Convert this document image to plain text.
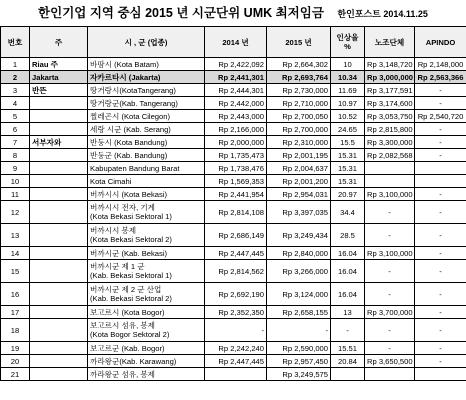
한인기업 지역 중심 2015 년 시군단위 UMK 최저임금 한인포스트 2014.11.25
번호	주	시 , 군 (업종)	2014 년	2015 년	인상율 %	노조단체	APINDO
1	Riau 주	바땀시 (Kota Batam)	Rp 2,422,092	Rp 2,664,302	10	Rp 3,148,720	Rp 2,148,000
2	Jakarta	자카르타시 (Jakarta)	Rp 2,441,301	Rp 2,693,764	10.34	Rp 3,000,000	Rp 2,563,366
3	반뜬	땅거랑시(KotaTangerang)	Rp 2,444,301	Rp 2,730,000	11.69	Rp 3,177,591	-
4		땅거랑군(Kab. Tangerang)	Rp 2,442,000	Rp 2,710,000	10.97	Rp 3,174,600	-
5		찔레곤시 (Kota Cilegon)	Rp 2,443,000	Rp 2,700,050	10.52	Rp 3,053,750	Rp 2,540,720
6		세랑 시군 (Kab. Serang)	Rp 2,166,000	Rp 2,700,000	24.65	Rp 2,815,800	-
7	서부자와	반둥시 (Kota Bandung)	Rp 2,000,000	Rp 2,310,000	15.5	Rp 3,300,000	-
8		반둥군 (Kab. Bandung)	Rp 1,735,473	Rp 2,001,195	15.31	Rp 2,082,568	-
9		Kabupaten Bandung Barat	Rp 1,738,476	Rp 2,004,637	15.31		
10		Kota Cimahi	Rp 1,569,353	Rp 2,001,200	15.31		
11		버까시시 (Kota Bekasi)	Rp 2,441,954	Rp 2,954,031	20.97	Rp 3,100,000	-
12		버까시시 전자, 기계
(Kota Bekasi Sektoral 1)	Rp 2,814,108	Rp 3,397,035	34.4	-	-
13		버까시시 봉제
(Kota Bekasi Sektoral 2)	Rp 2,686,149	Rp 3,249,434	28.5	-	-
14		버까시군 (Kab. Bekasi)	Rp 2,447,445	Rp 2,840,000	16.04	Rp 3,100,000	-
15		버까시군 제 1 군
(Kab. Bekasi Sektoral 1)	Rp 2,814,562	Rp 3,266,000	16.04	-	-
16		버까시군 제 2 군 산업
(Kab. Bekasi Sektoral 2)	Rp 2,692,190	Rp 3,124,000	16.04	-	-
17		보고르시 (Kota Bogor)	Rp 2,352,350	Rp 2,658,155	13	Rp 3,700,000	-
18		보고르시 섬유, 봉제
(Kota Bogor Sektoral 2)	-	-	-	-	-
19		보고르군 (Kab. Bogor)	Rp 2,242,240	Rp 2,590,000	15.51	-	-
20		까라왕군(Kab. Karawang)	Rp 2,447,445	Rp 2,957,450	20.84	Rp 3,650,500	-
21		까라왕군 섬유, 봉제		Rp 3,249,575			
